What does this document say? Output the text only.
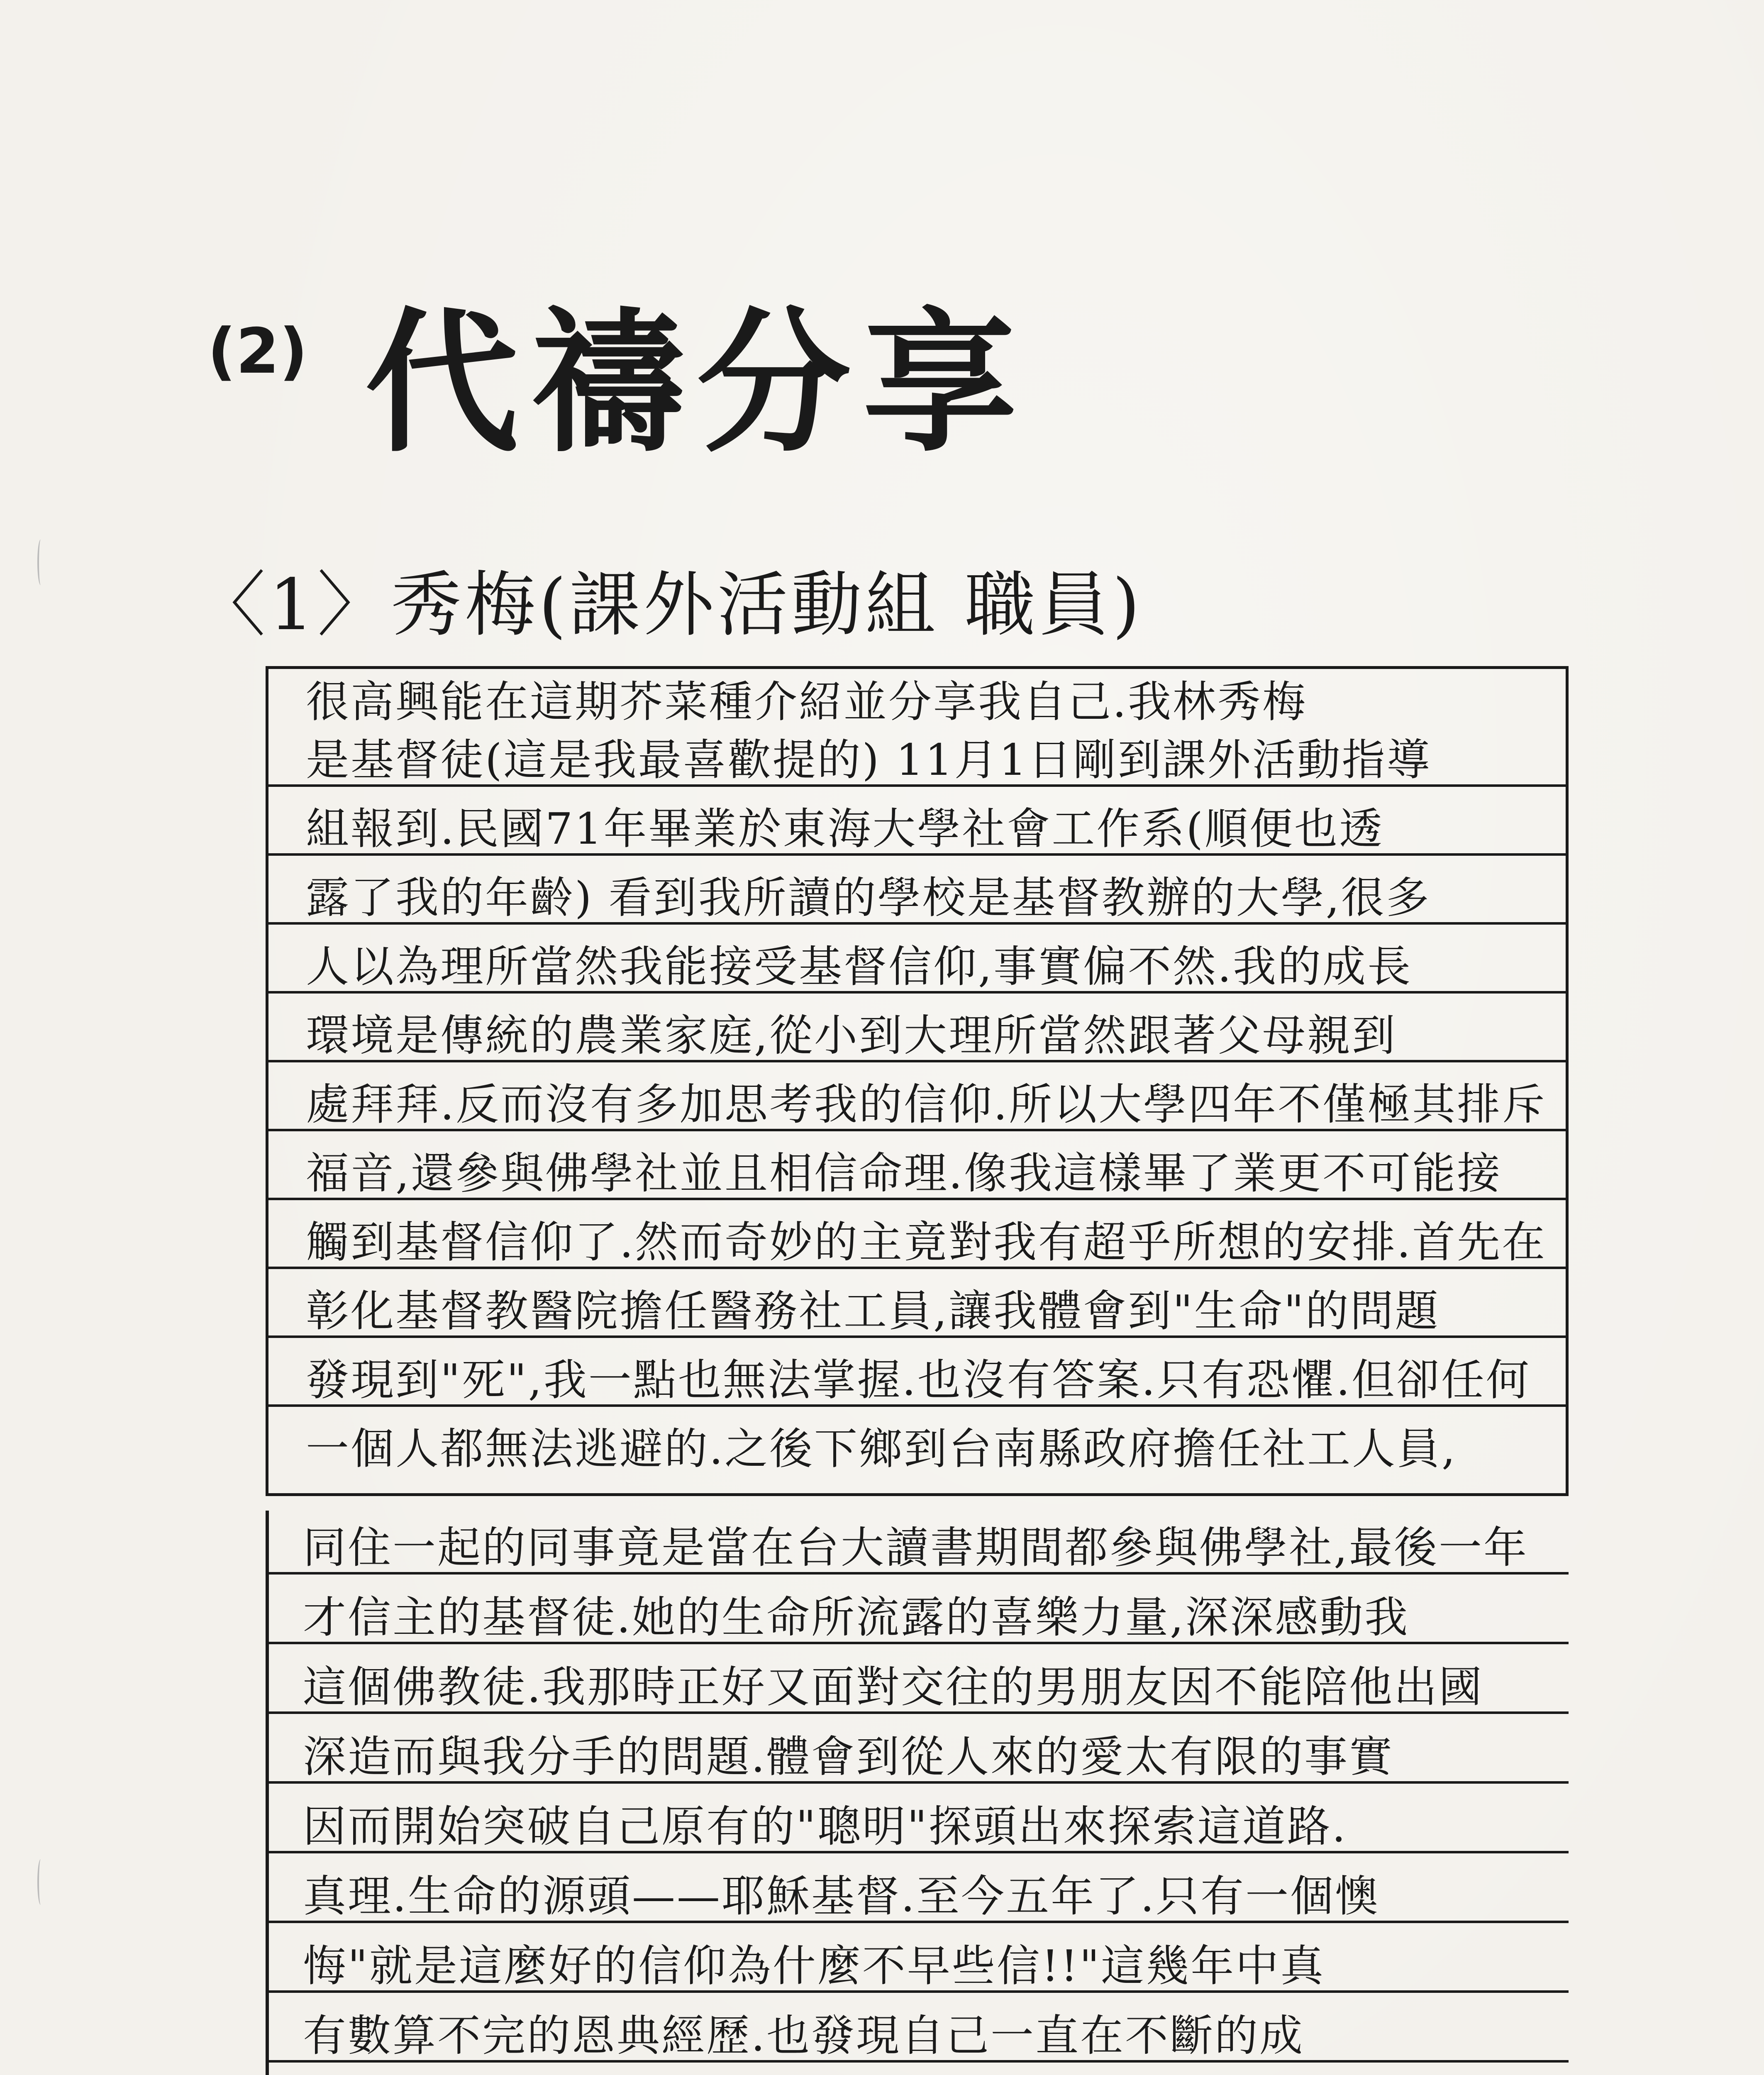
(2) 代禱分享
〈1〉秀梅(課外活動組 職員)
很高興能在這期芥菜種介紹並分享我自己.我林秀梅
是基督徒(這是我最喜歡提的) 11月1日剛到課外活動指導
組報到.民國71年畢業於東海大學社會工作系(順便也透
露了我的年齡) 看到我所讀的學校是基督教辦的大學,很多
人以為理所當然我能接受基督信仰,事實偏不然.我的成長
環境是傳統的農業家庭,從小到大理所當然跟著父母親到
處拜拜.反而沒有多加思考我的信仰.所以大學四年不僅極其排斥
福音,還參與佛學社並且相信命理.像我這樣畢了業更不可能接
觸到基督信仰了.然而奇妙的主竟對我有超乎所想的安排.首先在
彰化基督教醫院擔任醫務社工員,讓我體會到"生命"的問題
發現到"死",我一點也無法掌握.也沒有答案.只有恐懼.但卻任何
一個人都無法逃避的.之後下鄉到台南縣政府擔任社工人員,
同住一起的同事竟是當在台大讀書期間都參與佛學社,最後一年
才信主的基督徒.她的生命所流露的喜樂力量,深深感動我
這個佛教徒.我那時正好又面對交往的男朋友因不能陪他出國
深造而與我分手的問題.體會到從人來的愛太有限的事實
因而開始突破自己原有的"聰明"探頭出來探索這道路.
真理.生命的源頭——耶穌基督.至今五年了.只有一個懊
悔"就是這麼好的信仰為什麼不早些信!!"這幾年中真
有數算不完的恩典經歷.也發現自己一直在不斷的成
